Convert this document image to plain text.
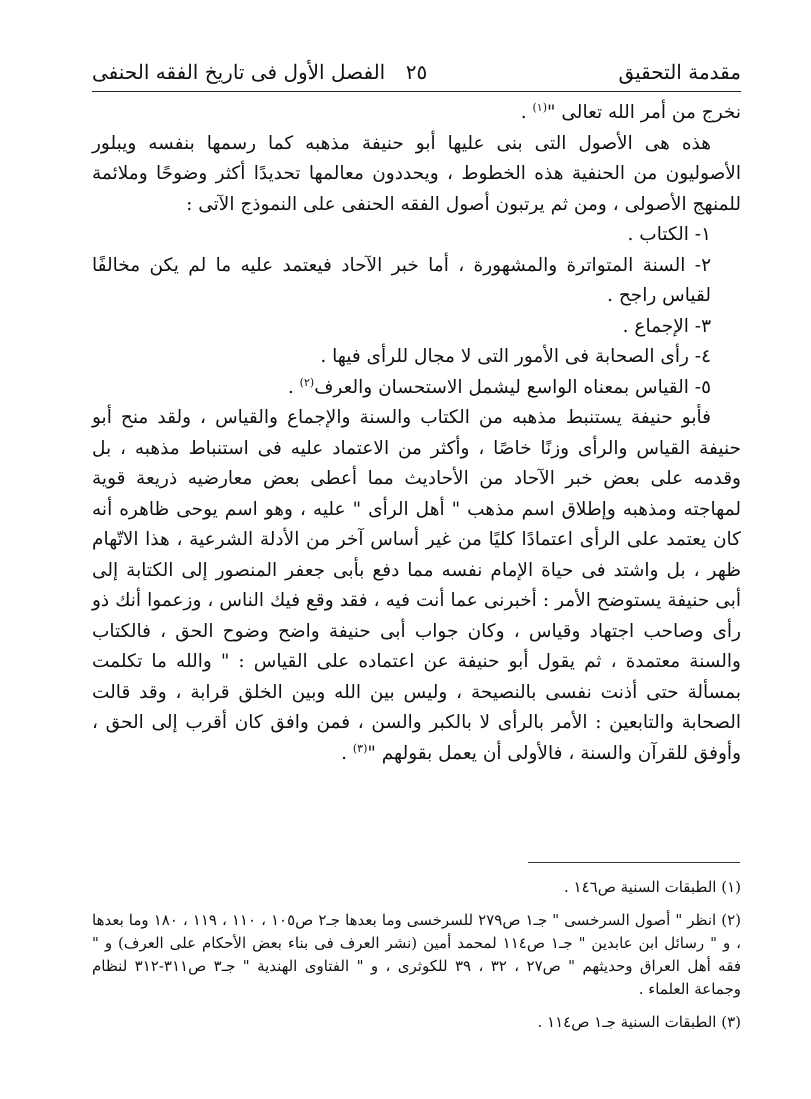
مقدمة التحقيق
٢٥
الفصل الأول فى تاريخ الفقه الحنفى

نخرج من أمر الله تعالى "$^{(١)}$ .

هذه هى الأصول التى بنى عليها أبو حنيفة مذهبه كما رسمها بنفسه ويبلور الأصوليون من الحنفية هذه الخطوط ، ويحددون معالمها تحديدًا أكثر وضوحًا وملائمة للمنهج الأصولى ، ومن ثم يرتبون أصول الفقه الحنفى على النموذج الآتى :

١- الكتاب .

٢- السنة المتواترة والمشهورة ، أما خبر الآحاد فيعتمد عليه ما لم يكن مخالفًا لقياس راجح .

٣- الإجماع .

٤- رأى الصحابة فى الأمور التى لا مجال للرأى فيها .

٥- القياس بمعناه الواسع ليشمل الاستحسان والعرف$^{(٢)}$ .

فأبو حنيفة يستنبط مذهبه من الكتاب والسنة والإجماع والقياس ، ولقد منح أبو حنيفة القياس والرأى وزنًا خاصًا ، وأكثر من الاعتماد عليه فى استنباط مذهبه ، بل وقدمه على بعض خبر الآحاد من الأحاديث مما أعطى بعض معارضيه ذريعة قوية لمهاجته ومذهبه وإطلاق اسم مذهب " أهل الرأى " عليه ، وهو اسم يوحى ظاهره أنه كان يعتمد على الرأى اعتمادًا كليًا من غير أساس آخر من الأدلة الشرعية ، هذا الاتّهام ظهر ، بل واشتد فى حياة الإمام نفسه مما دفع بأبى جعفر المنصور إلى الكتابة إلى أبى حنيفة يستوضح الأمر : أخبرنى عما أنت فيه ، فقد وقع فيك الناس ، وزعموا أنك ذو رأى وصاحب اجتهاد وقياس ، وكان جواب أبى حنيفة واضح وضوح الحق ، فالكتاب والسنة معتمدة ، ثم يقول أبو حنيفة عن اعتماده على القياس : " والله ما تكلمت بمسألة حتى أذنت نفسى بالنصيحة ، وليس بين الله وبين الخلق قرابة ، وقد قالت الصحابة والتابعين : الأمر بالرأى لا بالكبر والسن ، فمن وافق كان أقرب إلى الحق ، وأوفق للقرآن والسنة ، فالأولى أن يعمل بقولهم "$^{(٣)}$ .

(١) الطبقات السنية ص١٤٦ .

(٢) انظر " أصول السرخسى " جـ١ ص٢٧٩ للسرخسى وما بعدها جـ٢ ص١٠٥ ، ١١٠ ، ١١٩ ، ١٨٠ وما بعدها ، و " رسائل ابن عابدين " جـ١ ص١١٤ لمحمد أمين (نشر العرف فى بناء بعض الأحكام على العرف) و " فقه أهل العراق وحديثهم " ص٢٧ ، ٣٢ ، ٣٩ للكوثرى ، و " الفتاوى الهندية " جـ٣ ص٣١١-٣١٢ لنظام وجماعة العلماء .

(٣) الطبقات السنية جـ١ ص١١٤ .
